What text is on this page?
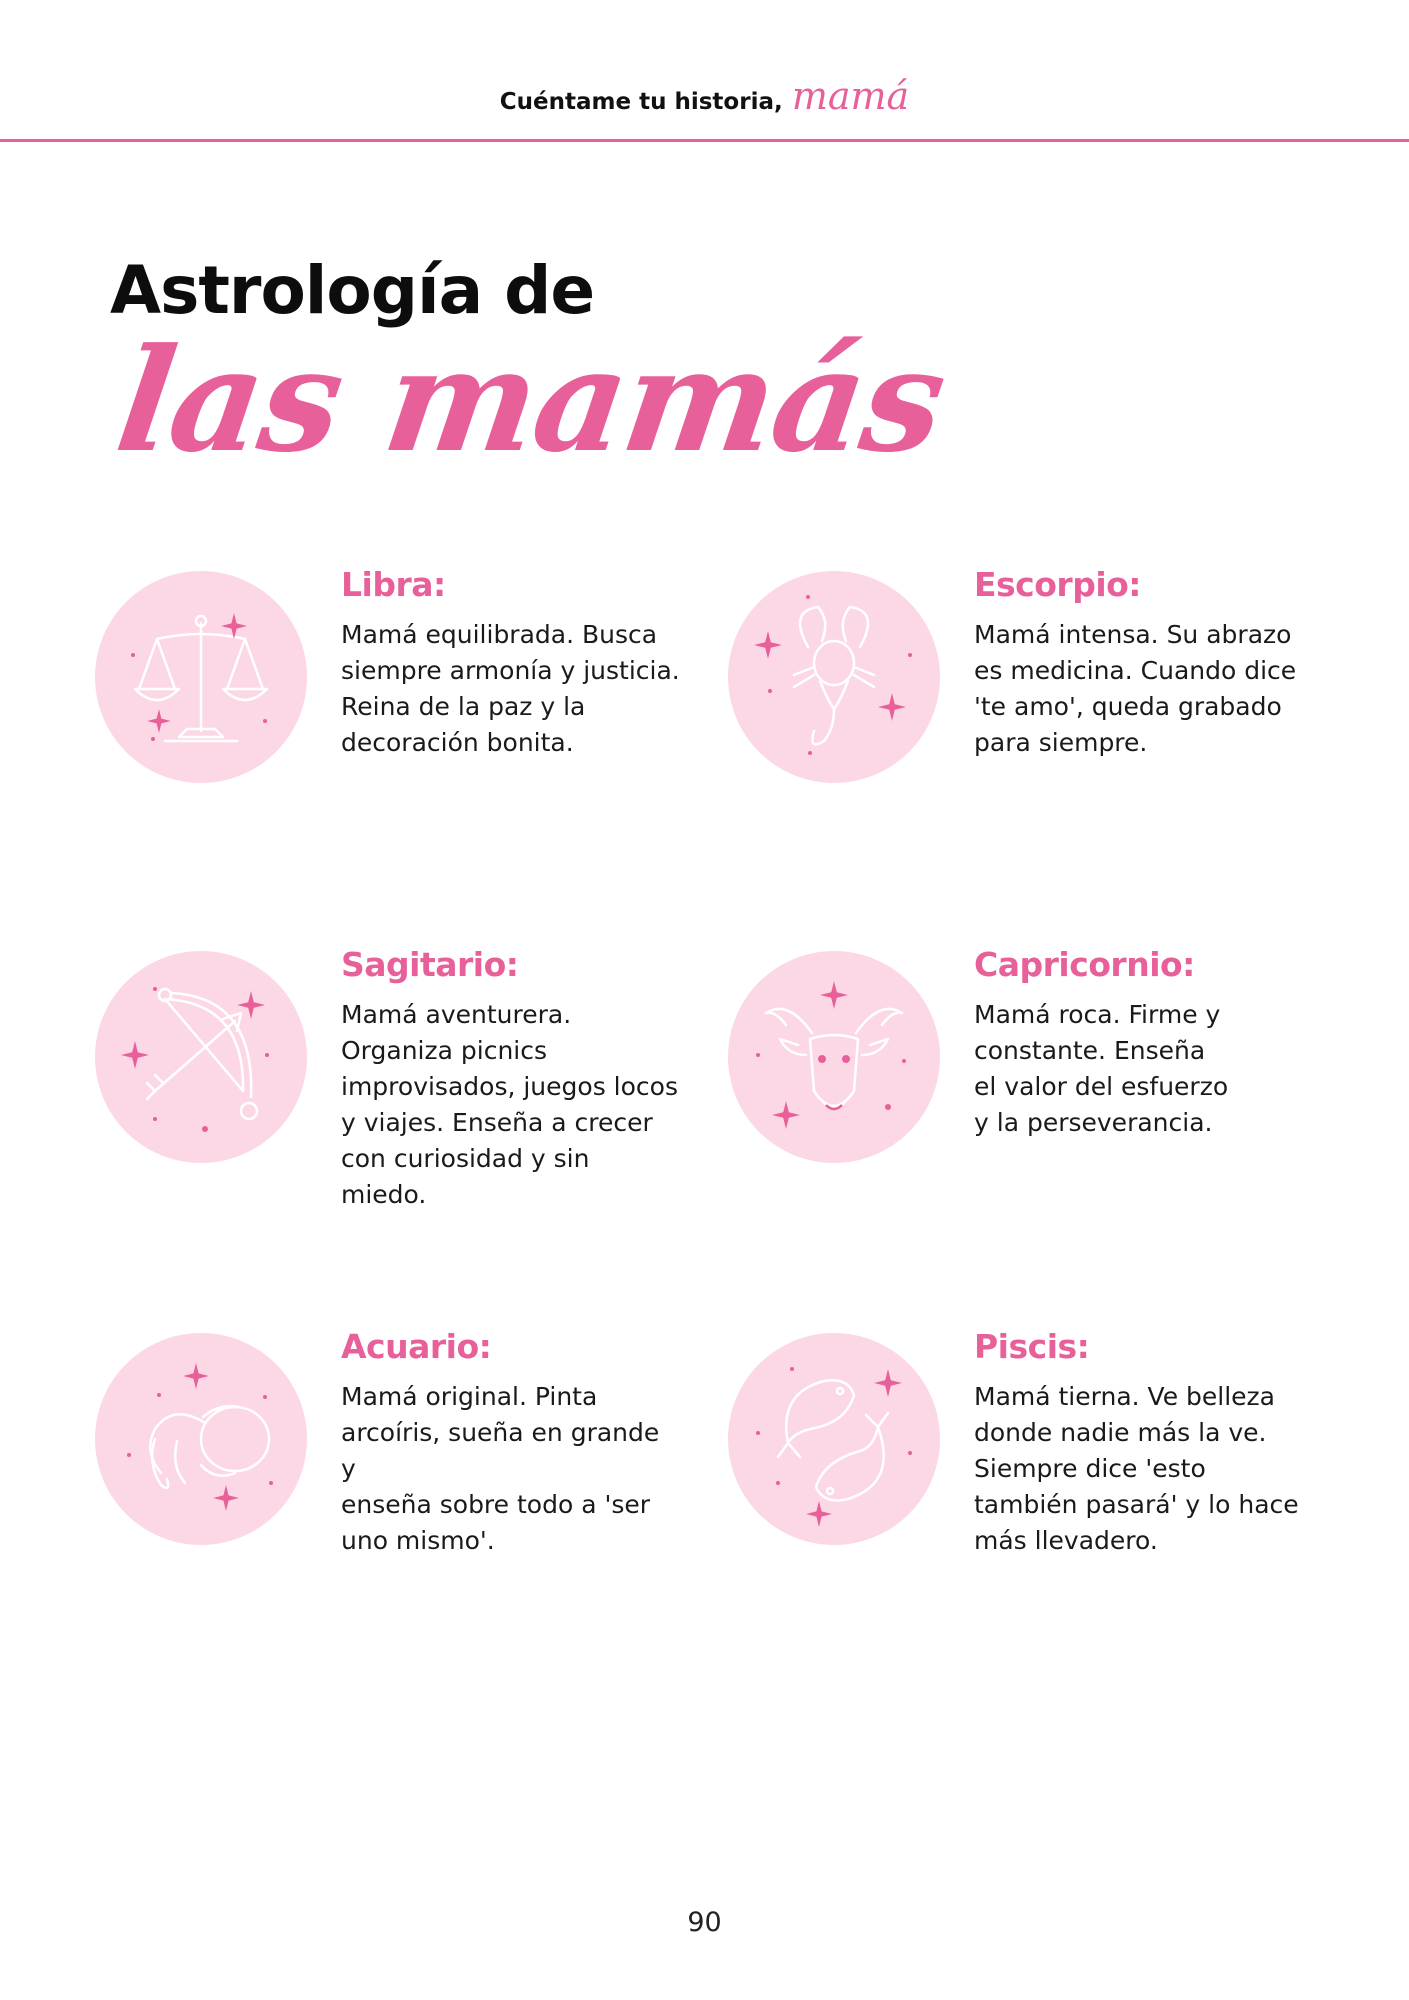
Cuéntame tu historia, mamá
Astrología de
las mamás
Libra:
Mamá equilibrada. Busca
siempre armonía y justicia.
Reina de la paz y la
decoración bonita.
Escorpio:
Mamá intensa. Su abrazo
es medicina. Cuando dice
'te amo', queda grabado
para siempre.
Sagitario:
Mamá aventurera.
Organiza picnics
improvisados, juegos locos
y viajes. Enseña a crecer
con curiosidad y sin miedo.
Capricornio:
Mamá roca. Firme y
constante. Enseña
el valor del esfuerzo
y la perseverancia.
Acuario:
Mamá original. Pinta
arcoíris, sueña en grande y
enseña sobre todo a 'ser
uno mismo'.
Piscis:
Mamá tierna. Ve belleza
donde nadie más la ve.
Siempre dice 'esto
también pasará' y lo hace
más llevadero.
90
